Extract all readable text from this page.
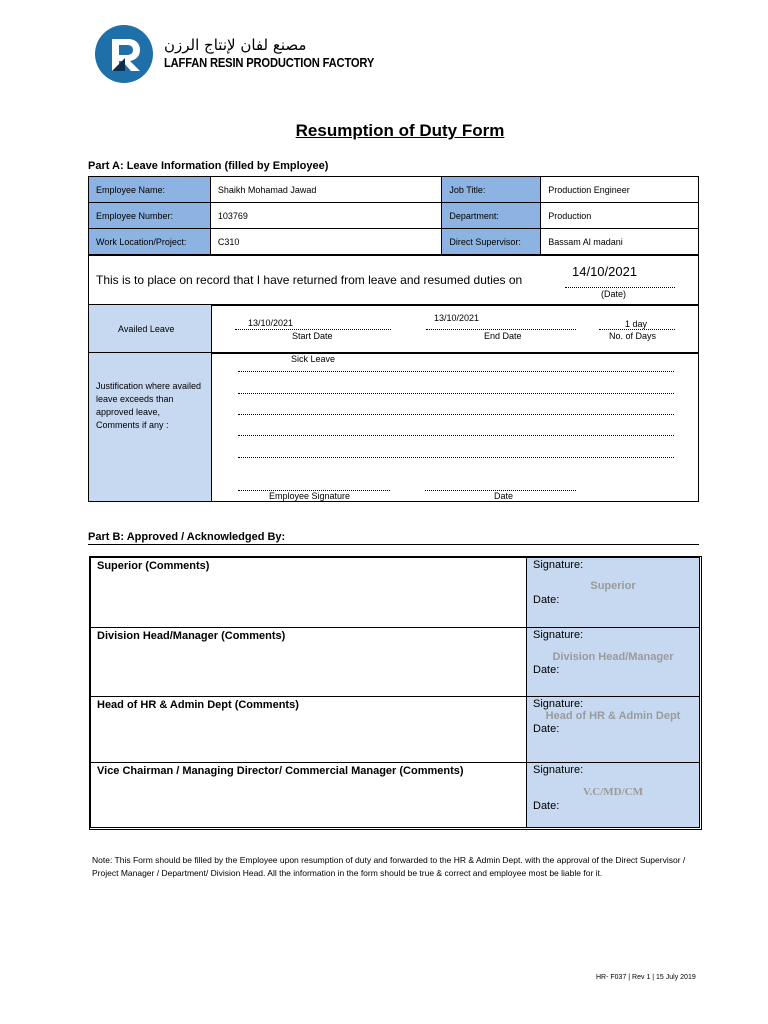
مصنع لفان لإنتاج الرزن
LAFFAN RESIN PRODUCTION FACTORY
Resumption of Duty Form
Part A: Leave Information (filled by Employee)
Employee Name:	Shaikh Mohamad Jawad	Job Title:	Production Engineer
Employee Number:	103769	Department:	Production
Work Location/Project:	C310	Direct Supervisor:	Bassam Al madani
This is to place on record that I have returned from leave and resumed duties on
14/10/2021
(Date)
Availed Leave
13/10/2021
Start Date
13/10/2021
End Date
1 day
No. of Days
Justification where availed leave exceeds than approved leave, Comments if any :
Sick Leave
Employee Signature	Date
Part B: Approved / Acknowledged By:
Superior (Comments)	Signature:
Superior
Date:

Division Head/Manager (Comments)	Signature:
Division Head/Manager
Date:

Head of HR & Admin Dept (Comments)	Signature:
Head of HR & Admin Dept
Date:

Vice Chairman / Managing Director/ Commercial Manager (Comments)	Signature:
V.C/MD/CM
Date:
Note: This Form should be filled by the Employee upon resumption of duty and forwarded to the HR & Admin Dept. with the approval of the Direct Supervisor / Project Manager / Department/ Division Head. All the information in the form should be true & correct and employee most be liable for it.
HR- F037 | Rev 1 | 15 July 2019
